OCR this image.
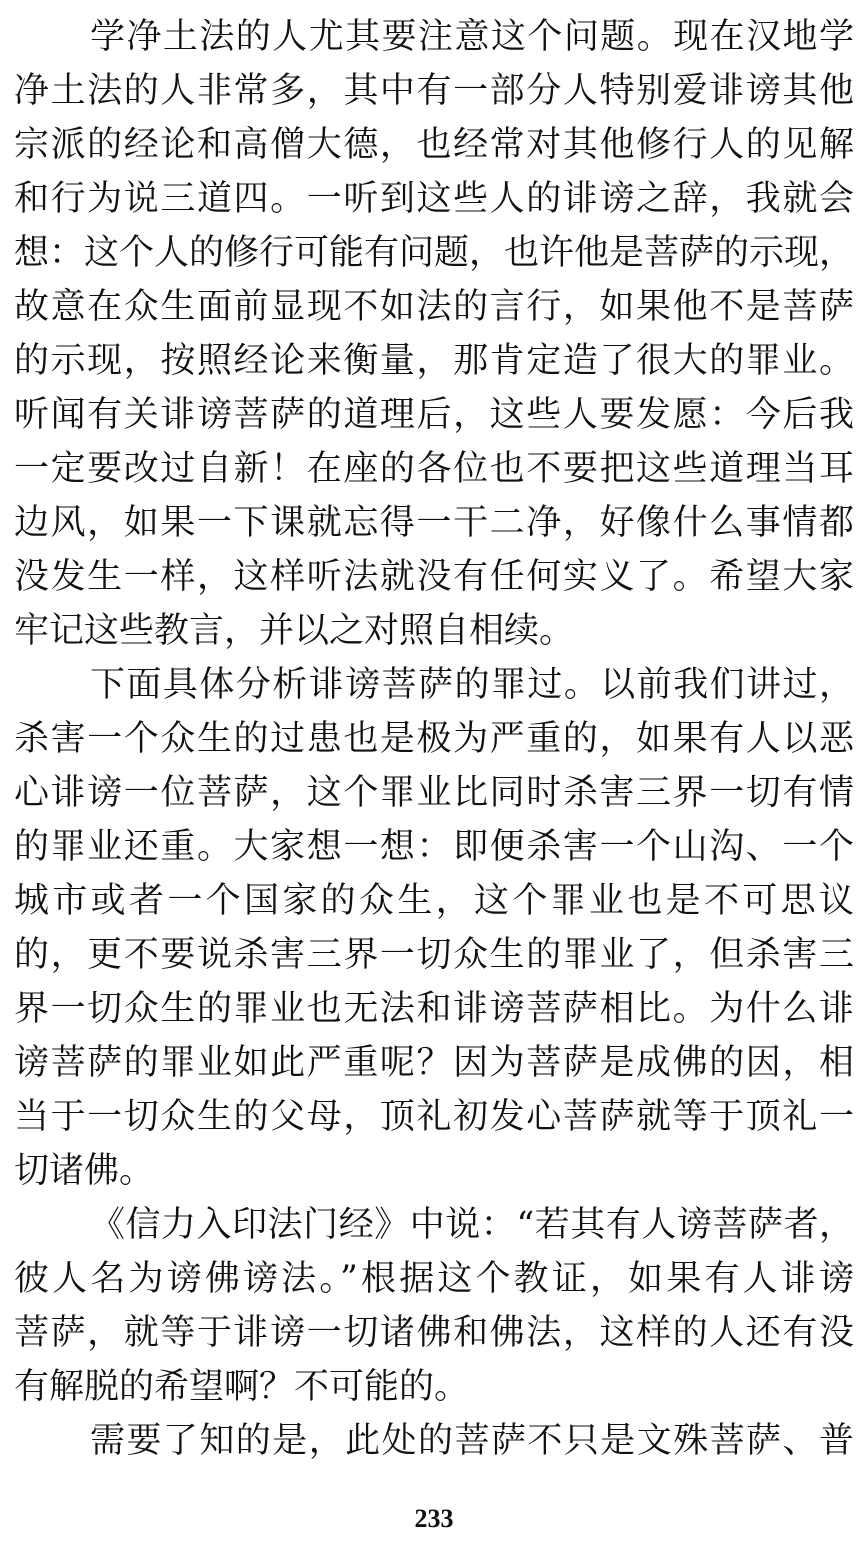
学净土法的人尤其要注意这个问题。现在汉地学
净土法的人非常多，其中有一部分人特别爱诽谤其他
宗派的经论和高僧大德，也经常对其他修行人的见解
和行为说三道四。一听到这些人的诽谤之辞，我就会
想：这个人的修行可能有问题，也许他是菩萨的示现，
故意在众生面前显现不如法的言行，如果他不是菩萨
的示现，按照经论来衡量，那肯定造了很大的罪业。
听闻有关诽谤菩萨的道理后，这些人要发愿：今后我
一定要改过自新！在座的各位也不要把这些道理当耳
边风，如果一下课就忘得一干二净，好像什么事情都
没发生一样，这样听法就没有任何实义了。希望大家
牢记这些教言，并以之对照自相续。
下面具体分析诽谤菩萨的罪过。以前我们讲过，
杀害一个众生的过患也是极为严重的，如果有人以恶
心诽谤一位菩萨，这个罪业比同时杀害三界一切有情
的罪业还重。大家想一想：即便杀害一个山沟、一个
城市或者一个国家的众生，这个罪业也是不可思议
的，更不要说杀害三界一切众生的罪业了，但杀害三
界一切众生的罪业也无法和诽谤菩萨相比。为什么诽
谤菩萨的罪业如此严重呢？因为菩萨是成佛的因，相
当于一切众生的父母，顶礼初发心菩萨就等于顶礼一
切诸佛。
《信力入印法门经》中说：“若其有人谤菩萨者，
彼人名为谤佛谤法。”根据这个教证，如果有人诽谤
菩萨，就等于诽谤一切诸佛和佛法，这样的人还有没
有解脱的希望啊？不可能的。
需要了知的是，此处的菩萨不只是文殊菩萨、普
233
